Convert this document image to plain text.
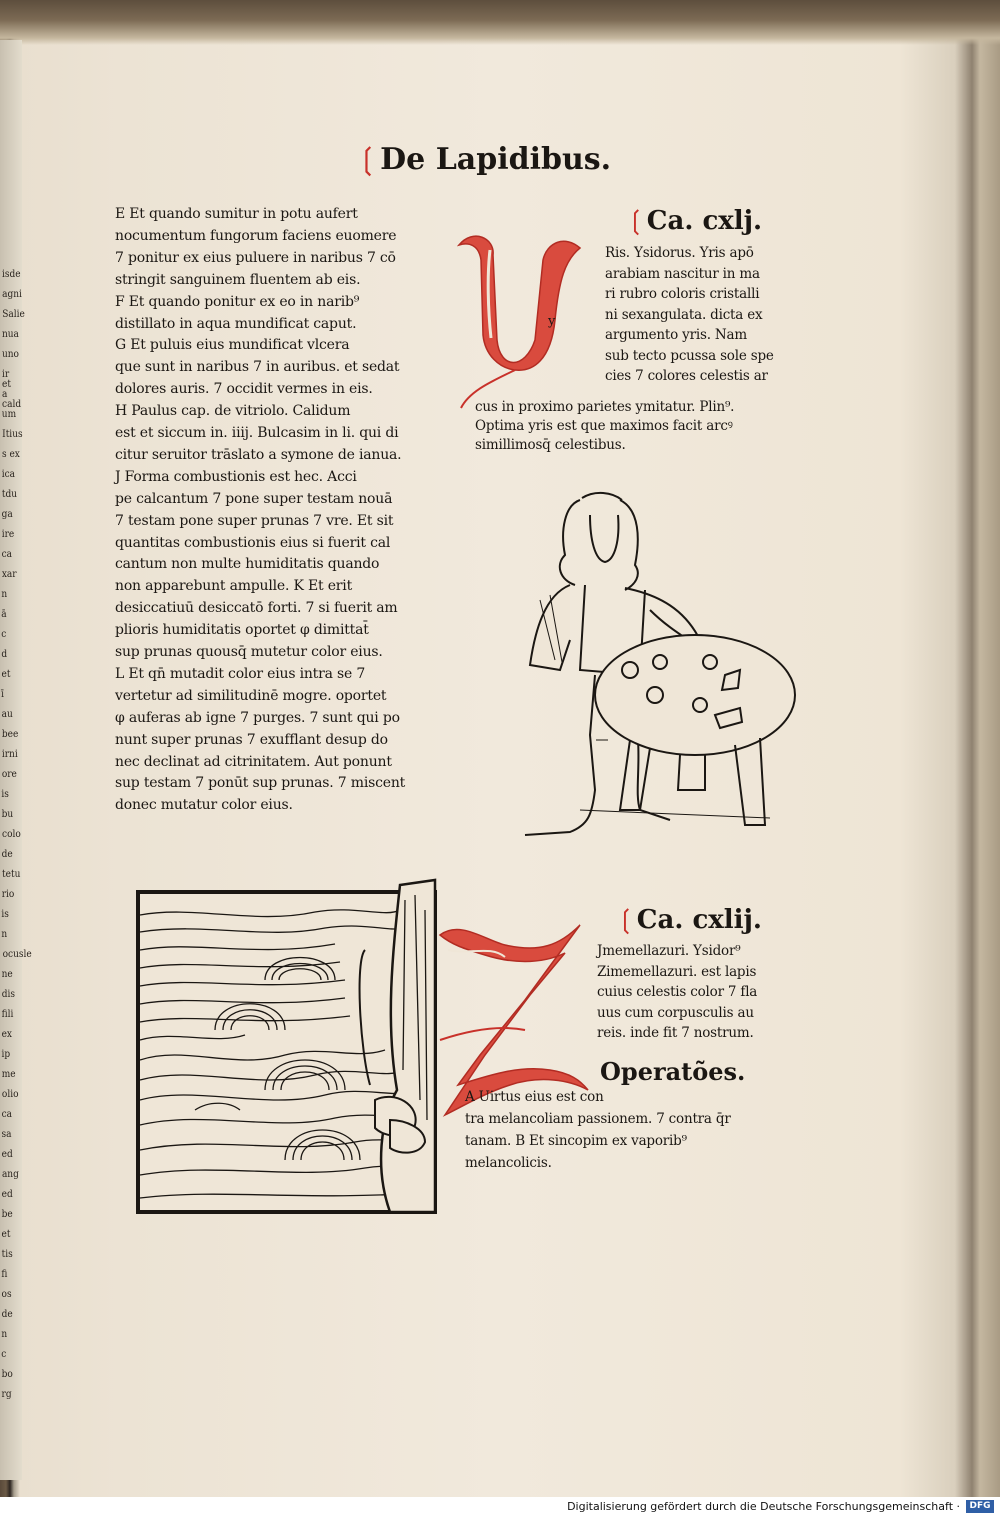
❲De Lapidibus.
E Et quando sumitur in potu aufert
nocumentum fungorum faciens euomere
7 ponitur ex eius puluere in naribus 7 cō
stringit sanguinem fluentem ab eis.
F Et quando ponitur ex eo in narib⁹
distillato in aqua mundificat caput.
G Et puluis eius mundificat vlcera
que sunt in naribus 7 in auribus. et sedat
dolores auris. 7 occidit vermes in eis.
H Paulus cap. de vitriolo. Calidum
est et siccum in. iiij. Bulcasim in li. qui di
citur seruitor trāslato a symone de ianua.
J Forma combustionis est hec. Acci
pe calcantum 7 pone super testam nouā
7 testam pone super prunas 7 vre. Et sit
quantitas combustionis eius si fuerit cal
cantum non multe humiditatis quando
non apparebunt ampulle. K Et erit
desiccatiuū desiccatō forti. 7 si fuerit am
plioris humiditatis oportet φ dimittat̄
sup prunas quousq̄ mutetur color eius.
L Et qn̄ mutadit color eius intra se 7
vertetur ad similitudinē mogre. oportet
φ auferas ab igne 7 purges. 7 sunt qui po
nunt super prunas 7 exufflant desup do
nec declinat ad citrinitatem. Aut ponunt
sup testam 7 ponūt sup prunas. 7 miscent
donec mutatur color eius.
❲Ca. cxlj.
y
Ris. Ysidorus. Yris apō
arabiam nascitur in ma
ri rubro coloris cristalli
ni sexangulata. dicta ex
argumento yris. Nam
sub tecto pcussa sole spe
cies 7 colores celestis ar
cus in proximo parietes ymitatur. Plin⁹.
Optima yris est que maximos facit arcꝰ
simillimosq̄ celestibus.
❲Ca. cxlij.
Jmemellazuri. Ysidor⁹
Zimemellazuri. est lapis
cuius celestis color 7 fla
uus cum corpusculis au
reis. inde fit 7 nostrum.
Operatões.
A Uirtus eius est con
tra melancoliam passionem. 7 contra q̄r
tanam. B Et sincopim ex vaporib⁹
melancolicis.
isde
agni
Salie
nua
uno
ir et
a cald
um
Itius
s ex
ica
tdu
ga
ire
ca
xar
n
ā
c
d
et
ī
au
bee
irni
ore
is
bu
colo
de
tetu
rio
is
n
ocusle
ne
dis
fili
ex
ip
me
olio
ca
sa
ed
ang
ed
be
et
tis
fi
os
de
n
c
bo
rg
Digitalisierung gefördert durch die Deutsche Forschungsgemeinschaft ·	DFG
